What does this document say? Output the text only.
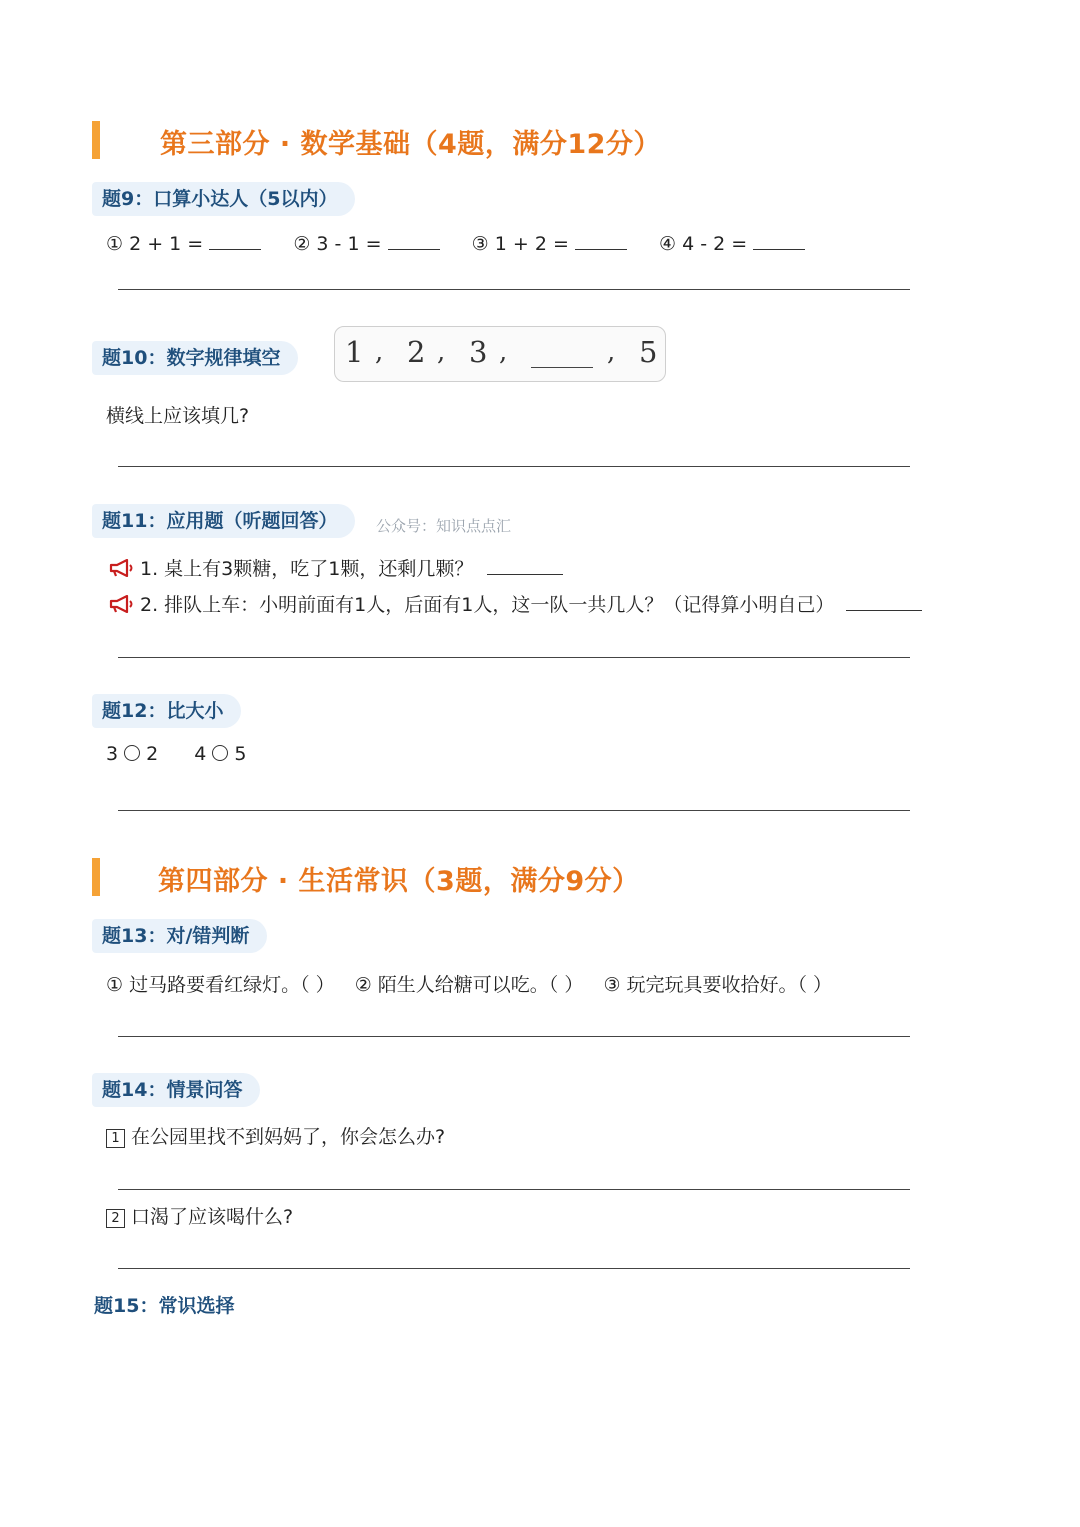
第三部分 · 数学基础（4题，满分12分）
题9：口算小达人（5以内）
① 2 + 1 =	② 3 - 1 =	③ 1 + 2 =	④ 4 - 2 =
题10：数字规律填空	1 , 2 , 3 ,	, 5
横线上应该填几?
题11：应用题（听题回答）	公众号：知识点点汇
1. 桌上有3颗糖，吃了1颗，还剩几颗？
2. 排队上车：小明前面有1人，后面有1人，这一队一共几人？（记得算小明自己）
题12：比大小
3 2 4 5
第四部分 · 生活常识（3题，满分9分）
题13：对/错判断
① 过马路要看红绿灯。（ ） ② 陌生人给糖可以吃。（ ） ③ 玩完玩具要收拾好。（ ）
题14：情景问答
1 在公园里找不到妈妈了，你会怎么办?
2 口渴了应该喝什么?
题15：常识选择
